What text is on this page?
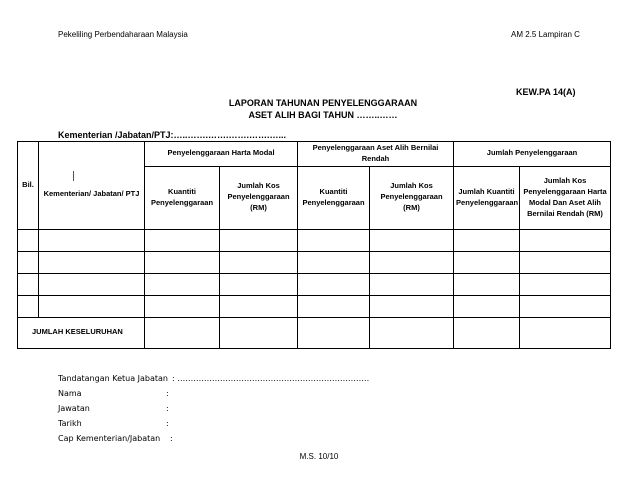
Pekeliling Perbendaharaan Malaysia	AM 2.5 Lampiran C
KEW.PA 14(A)
LAPORAN TAHUNAN PENYELENGGARAAN
ASET ALIH BAGI TAHUN ……..……
Kementerian /Jabatan/PTJ:…..…….…….…….…….…...
Bil.	Kementerian/ Jabatan/ PTJ	Penyelenggaraan Harta Modal		Penyelenggaraan Aset Alih Bernilai Rendah		Jumlah Penyelenggaraan	
		Kuantiti Penyelenggaraan	Jumlah Kos Penyelenggaraan (RM)	Kuantiti Penyelenggaraan	Jumlah Kos Penyelenggaraan (RM)	Jumlah Kuantiti Penyelenggaraan	Jumlah Kos Penyelenggaraan Harta Modal Dan Aset Alih Bernilai Rendah (RM)

JUMLAH KESELURUHAN							
Tandatangan Ketua Jabatan : ………………………………………………………………
Nama	:
Jawatan	:
Tarikh	:
Cap Kementerian/Jabatan :
M.S. 10/10
